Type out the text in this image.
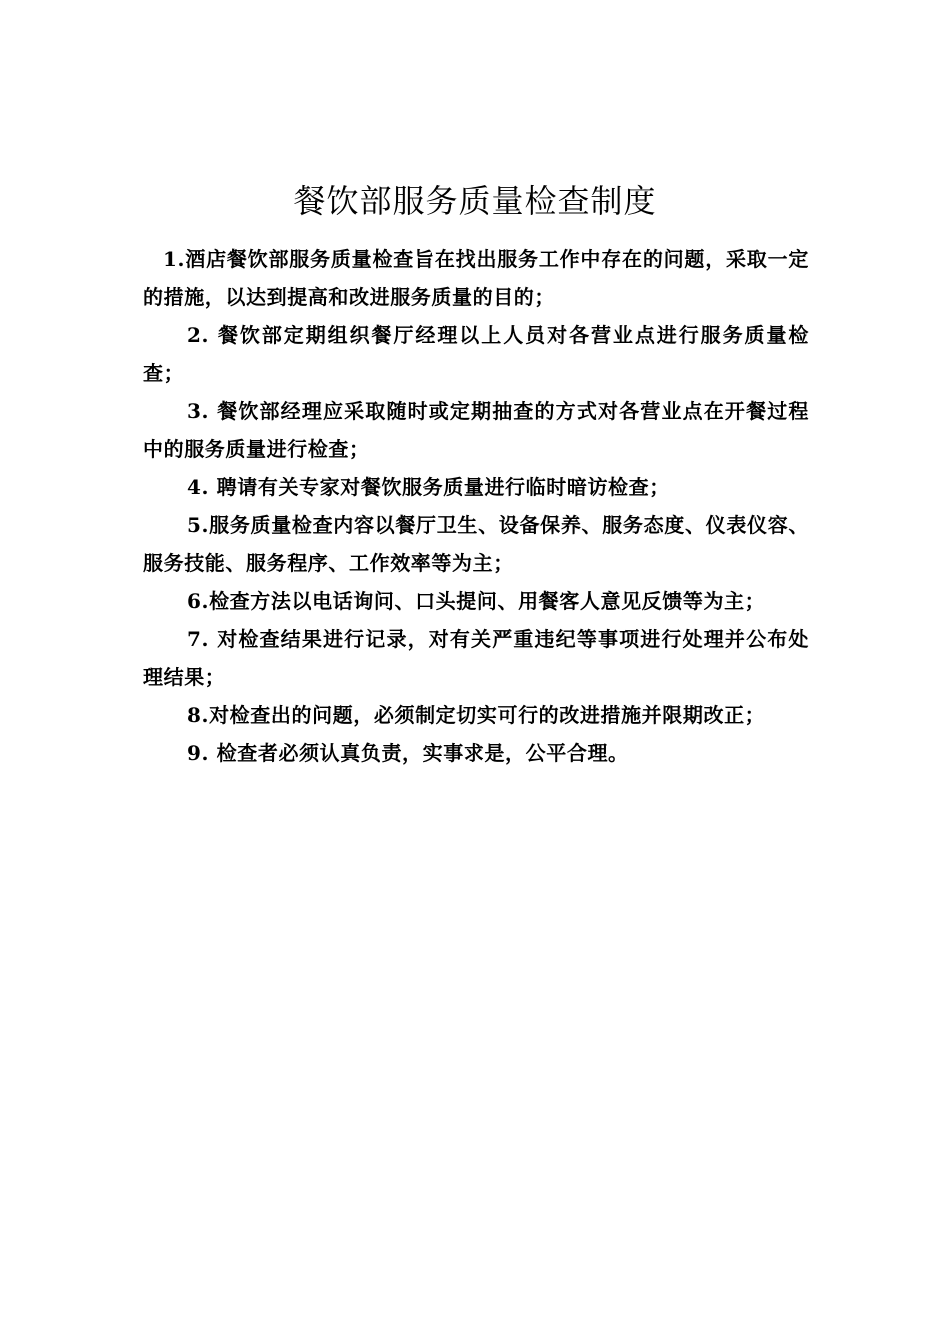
餐饮部服务质量检查制度

1.酒店餐饮部服务质量检查旨在找出服务工作中存在的问题，采取一定的措施，以达到提高和改进服务质量的目的；

2. 餐饮部定期组织餐厅经理以上人员对各营业点进行服务质量检查；

3. 餐饮部经理应采取随时或定期抽查的方式对各营业点在开餐过程中的服务质量进行检查；

4. 聘请有关专家对餐饮服务质量进行临时暗访检查；

5.服务质量检查内容以餐厅卫生、设备保养、服务态度、仪表仪容、服务技能、服务程序、工作效率等为主；

6.检查方法以电话询问、口头提问、用餐客人意见反馈等为主；

7. 对检查结果进行记录，对有关严重违纪等事项进行处理并公布处理结果；

8.对检查出的问题，必须制定切实可行的改进措施并限期改正；

9. 检查者必须认真负责，实事求是，公平合理。
